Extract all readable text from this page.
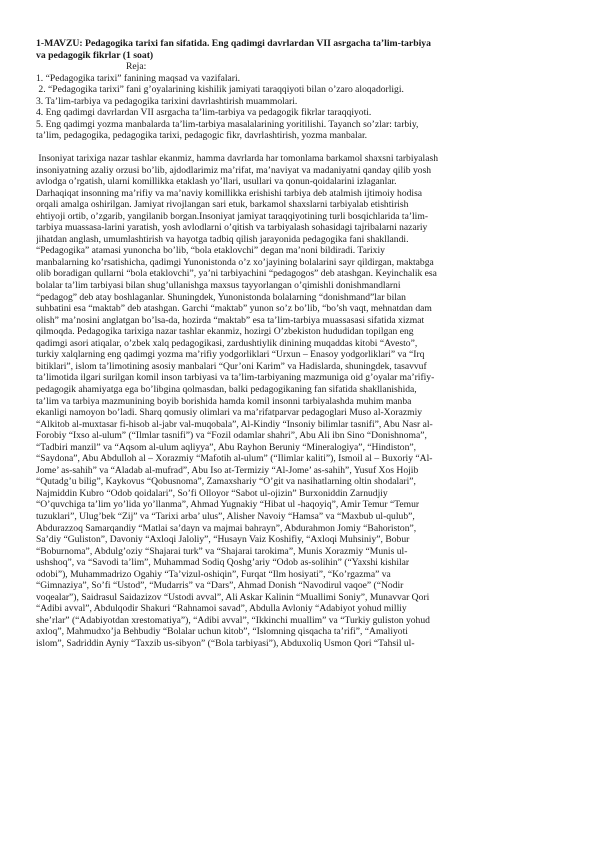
1-MAVZU: Pedagogika tarixi fan sifatida. Eng qadimgi davrlardan VII asrgacha ta’lim-tarbiya
va pedagogik fikrlar (1 soat)

Reja:

1. “Pedagogika tarixi” fanining maqsad va vazifalari.

2. “Pedagogika tarixi” fani g’oyalarining kishilik jamiyati taraqqiyoti bilan o’zaro aloqadorligi.

3. Ta’lim-tarbiya va pedagogika tarixini davrlashtirish muammolari.

4. Eng qadimgi davrlardan VII asrgacha ta’lim-tarbiya va pedagogik fikrlar taraqqiyoti.

5. Eng qadimgi yozma manbalarda ta’lim-tarbiya masalalarining yoritilishi. Tayanch so’zlar: tarbiy,

ta’lim, pedagogika, pedagogika tarixi, pedagogic fikr, davrlashtirish, yozma manbalar.

Insoniyat tarixiga nazar tashlar ekanmiz, hamma davrlarda har tomonlama barkamol shaxsni tarbiyalash
insoniyatning azaliy orzusi bo’lib, ajdodlarimiz ma’rifat, ma’naviyat va madaniyatni qanday qilib yosh
avlodga o’rgatish, ularni komillikka etaklash yo’llari, usullari va qonun-qoidalarini izlaganlar.
Darhaqiqat insonning ma’rifiy va ma’naviy komillikka erishishi tarbiya deb atalmish ijtimoiy hodisa
orqali amalga oshirilgan. Jamiyat rivojlangan sari etuk, barkamol shaxslarni tarbiyalab etishtirish
ehtiyoji ortib, o’zgarib, yangilanib borgan.Insoniyat jamiyat taraqqiyotining turli bosqichlarida ta’lim-
tarbiya muassasa-larini yaratish, yosh avlodlarni o’qitish va tarbiyalash sohasidagi tajribalarni nazariy
jihatdan anglash, umumlashtirish va hayotga tadbiq qilish jarayonida pedagogika fani shakllandi.
“Pedagogika” atamasi yunoncha bo’lib, “bola etaklovchi” degan ma’noni bildiradi. Tarixiy
manbalarning ko’rsatishicha, qadimgi Yunonistonda o’z xo’jayining bolalarini sayr qildirgan, maktabga
olib boradigan qullarni “bola etaklovchi”, ya’ni tarbiyachini “pedagogos” deb atashgan. Keyinchalik esa
bolalar ta’lim tarbiyasi bilan shug’ullanishga maxsus tayyorlangan o’qimishli donishmandlarni
“pedagog” deb atay boshlaganlar. Shuningdek, Yunonistonda bolalarning “donishmand”lar bilan
suhbatini esa “maktab” deb atashgan. Garchi “maktab” yunon so’z bo’lib, “bo’sh vaqt, mehnatdan dam
olish” ma’nosini anglatgan bo’lsa-da, hozirda “maktab” esa ta’lim-tarbiya muassasasi sifatida xizmat
qilmoqda. Pedagogika tarixiga nazar tashlar ekanmiz, hozirgi O’zbekiston hududidan topilgan eng
qadimgi asori atiqalar, o’zbek xalq pedagogikasi, zardushtiylik dinining muqaddas kitobi “Avesto”,
turkiy xalqlarning eng qadimgi yozma ma’rifiy yodgorliklari “Urxun – Enasoy yodgorliklari” va “Irq
bitiklari”, islom ta’limotining asosiy manbalari “Qur’oni Karim” va Hadislarda, shuningdek, tasavvuf
ta’limotida ilgari surilgan komil inson tarbiyasi va ta’lim-tarbiyaning mazmuniga oid g’oyalar ma’rifiy-
pedagogik ahamiyatga ega bo’libgina qolmasdan, balki pedagogikaning fan sifatida shakllanishida,
ta’lim va tarbiya mazmunining boyib borishida hamda komil insonni tarbiyalashda muhim manba
ekanligi namoyon bo’ladi. Sharq qomusiy olimlari va ma’rifatparvar pedagoglari Muso al-Xorazmiy
“Alkitob al-muxtasar fi-hisob al-jabr val-muqobala”, Al-Kindiy “Insoniy bilimlar tasnifi”, Abu Nasr al-
Forobiy “Ixso al-ulum” (“Ilmlar tasnifi”) va “Fozil odamlar shahri”, Abu Ali ibn Sino “Donishnoma”,
“Tadbiri manzil” va “Aqsom al-ulum aqliyya”, Abu Rayhon Beruniy “Mineralogiya”, “Hindiston”,
“Saydona”, Abu Abdulloh al – Xorazmiy “Mafotih al-ulum” (“Ilimlar kaliti”), Ismoil al – Buxoriy “Al-
Jome’ as-sahih” va “Aladab al-mufrad”, Abu Iso at-Termiziy “Al-Jome’ as-sahih”, Yusuf Xos Hojib
“Qutadg’u bilig”, Kaykovus “Qobusnoma”, Zamaxshariy “O’git va nasihatlarning oltin shodalari”,
Najmiddin Kubro “Odob qoidalari”, So’fi Olloyor “Sabot ul-ojizin” Burxoniddin Zarnudjiy
“O’quvchiga ta’lim yo’lida yo’llanma”, Ahmad Yugnakiy “Hibat ul -haqoyiq”, Amir Temur “Temur
tuzuklari”, Ulug’bek “Zij” va “Tarixi arba’ ulus”, Alisher Navoiy “Hamsa” va “Maxbub ul-qulub”,
Abdurazzoq Samarqandiy “Matlai sa’dayn va majmai bahrayn”, Abdurahmon Jomiy “Bahoriston”,
Sa’diy “Guliston”, Davoniy “Axloqi Jaloliy”, “Husayn Vaiz Koshifiy, “Axloqi Muhsiniy”, Bobur
“Boburnoma”, Abdulg’oziy “Shajarai turk” va “Shajarai tarokima”, Munis Xorazmiy “Munis ul-
ushshoq”, va “Savodi ta’lim”, Muhammad Sodiq Qoshg’ariy “Odob as-solihin” (“Yaxshi kishilar
odobi”), Muhammadrizo Ogahiy “Ta’vizul-oshiqin”, Furqat “Ilm hosiyati”, “Ko’rgazma” va
“Gimnaziya”, So’fi “Ustod”, “Mudarris” va “Dars”, Ahmad Donish “Navodirul vaqoe” (“Nodir
voqealar”), Saidrasul Saidazizov “Ustodi avval”, Ali Askar Kalinin “Muallimi Soniy”, Munavvar Qori
“Adibi avval”, Abdulqodir Shakuri “Rahnamoi savad”, Abdulla Avloniy “Adabiyot yohud milliy
she’rlar” (“Adabiyotdan xrestomatiya”), “Adibi avval”, “Ikkinchi muallim” va “Turkiy guliston yohud
axloq”, Mahmudxo’ja Behbudiy “Bolalar uchun kitob”, “Islomning qisqacha ta’rifi”, “Amaliyoti
islom”, Sadriddin Ayniy “Taxzib us-sibyon” (“Bola tarbiyasi”), Abduxoliq Usmon Qori “Tahsil ul-
